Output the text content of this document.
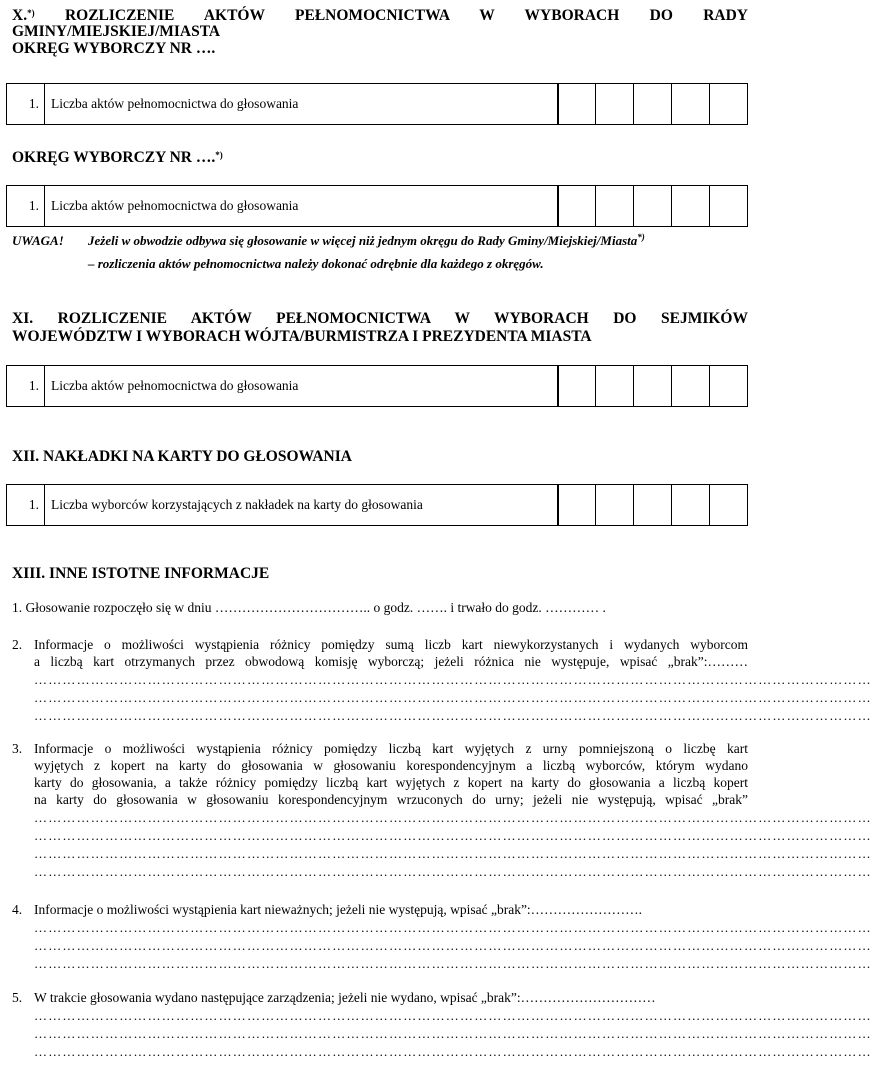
X.*) ROZLICZENIE AKTÓW PEŁNOMOCNICTWA W WYBORACH DO RADY
GMINY/MIEJSKIEJ/MIASTA
OKRĘG WYBORCZY NR ….
1. Liczba aktów pełnomocnictwa do głosowania
OKRĘG WYBORCZY NR ….*)
1. Liczba aktów pełnomocnictwa do głosowania
UWAGA! Jeżeli w obwodzie odbywa się głosowanie w więcej niż jednym okręgu do Rady Gminy/Miejskiej/Miasta*)
– rozliczenia aktów pełnomocnictwa należy dokonać odrębnie dla każdego z okręgów.
XI. ROZLICZENIE AKTÓW PEŁNOMOCNICTWA W WYBORACH DO SEJMIKÓW
WOJEWÓDZTW I WYBORACH WÓJTA/BURMISTRZA I PREZYDENTA MIASTA
1. Liczba aktów pełnomocnictwa do głosowania
XII. NAKŁADKI NA KARTY DO GŁOSOWANIA
1. Liczba wyborców korzystających z nakładek na karty do głosowania
XIII. INNE ISTOTNE INFORMACJE
1. Głosowanie rozpoczęło się w dniu …………………………….. o godz. ……. i trwało do godz. ………… .
2. Informacje o możliwości wystąpienia różnicy pomiędzy sumą liczb kart niewykorzystanych i wydanych wyborcom
a liczbą kart otrzymanych przez obwodową komisję wyborczą; jeżeli różnica nie występuje, wpisać „brak”:………
……………………………………………………………………………………………………………………………………………………………
……………………………………………………………………………………………………………………………………………………………
……………………………………………………………………………………………………………………………………………………………
3. Informacje o możliwości wystąpienia różnicy pomiędzy liczbą kart wyjętych z urny pomniejszoną o liczbę kart
wyjętych z kopert na karty do głosowania w głosowaniu korespondencyjnym a liczbą wyborców, którym wydano
karty do głosowania, a także różnicy pomiędzy liczbą kart wyjętych z kopert na karty do głosowania a liczbą kopert
na karty do głosowania w głosowaniu korespondencyjnym wrzuconych do urny; jeżeli nie występują, wpisać „brak”
……………………………………………………………………………………………………………………………………………………………
……………………………………………………………………………………………………………………………………………………………
……………………………………………………………………………………………………………………………………………………………
……………………………………………………………………………………………………………………………………………………………
4. Informacje o możliwości wystąpienia kart nieważnych; jeżeli nie występują, wpisać „brak”:…………………….
……………………………………………………………………………………………………………………………………………………………
……………………………………………………………………………………………………………………………………………………………
……………………………………………………………………………………………………………………………………………………………
5. W trakcie głosowania wydano następujące zarządzenia; jeżeli nie wydano, wpisać „brak”:…………………………
……………………………………………………………………………………………………………………………………………………………
……………………………………………………………………………………………………………………………………………………………
……………………………………………………………………………………………………………………………………………………………
